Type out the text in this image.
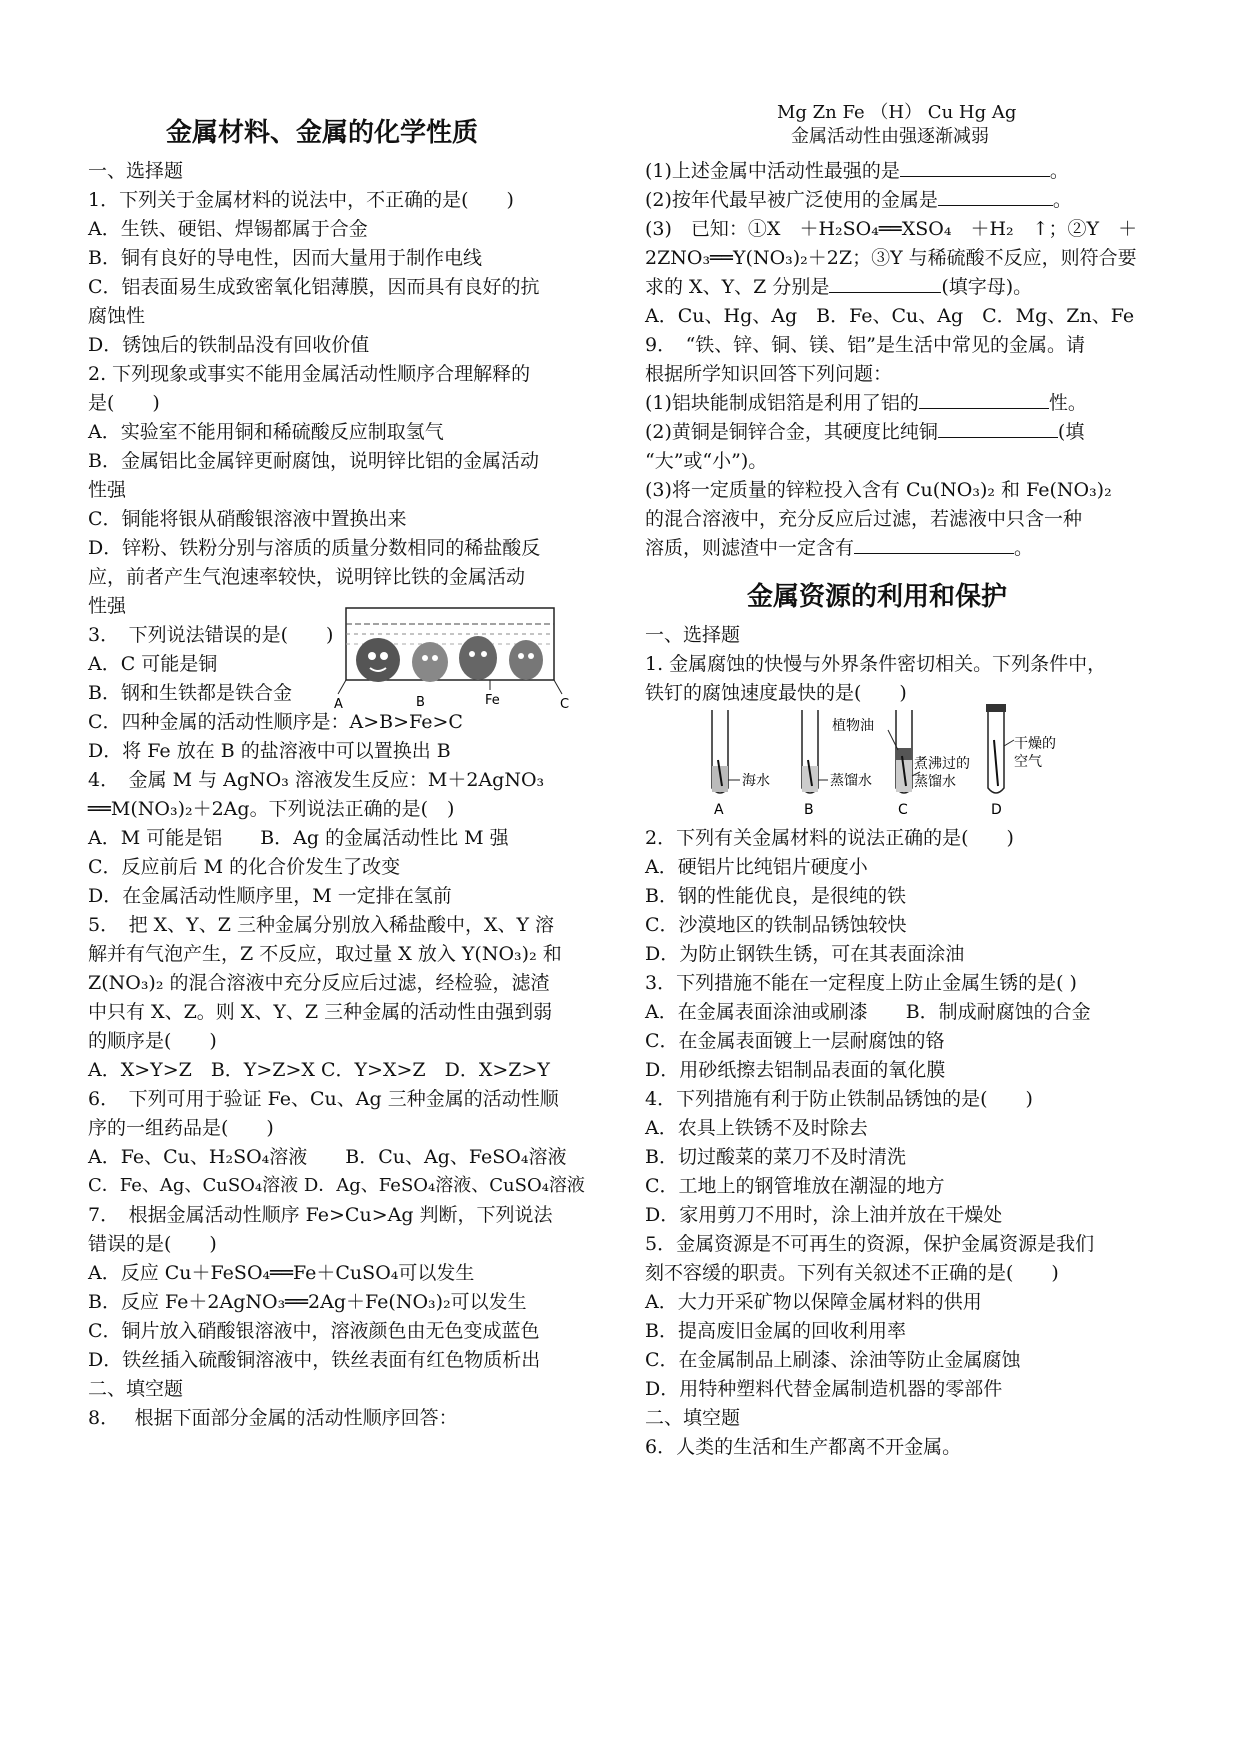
金属材料、金属的化学性质
一、选择题
1．下列关于金属材料的说法中，不正确的是(　　)
A．生铁、硬铝、焊锡都属于合金
B．铜有良好的导电性，因而大量用于制作电线
C．铝表面易生成致密氧化铝薄膜，因而具有良好的抗
腐蚀性
D．锈蚀后的铁制品没有回收价值
2. 下列现象或事实不能用金属活动性顺序合理解释的
是(　　)
A．实验室不能用铜和稀硫酸反应制取氢气
B．金属铝比金属锌更耐腐蚀，说明锌比铝的金属活动
性强
C．铜能将银从硝酸银溶液中置换出来
D．锌粉、铁粉分别与溶质的质量分数相同的稀盐酸反
应，前者产生气泡速率较快，说明锌比铁的金属活动
性强
3．　下列说法错误的是(　　)
A．C 可能是铜
B．钢和生铁都是铁合金
C．四种金属的活动性顺序是：A>B>Fe>C
D．将 Fe 放在 B 的盐溶液中可以置换出 B
A	B	Fe	C
4．　金属 M 与 AgNO₃ 溶液发生反应：M＋2AgNO₃
══M(NO₃)₂＋2Ag。下列说法正确的是(　)
A．M 可能是铝　　B．Ag 的金属活动性比 M 强
C．反应前后 M 的化合价发生了改变
D．在金属活动性顺序里，M 一定排在氢前
5．　把 X、Y、Z 三种金属分别放入稀盐酸中，X、Y 溶
解并有气泡产生，Z 不反应，取过量 X 放入 Y(NO₃)₂ 和
Z(NO₃)₂ 的混合溶液中充分反应后过滤，经检验，滤渣
中只有 X、Z。则 X、Y、Z 三种金属的活动性由强到弱
的顺序是(　　)
A．X>Y>Z　B．Y>Z>X C．Y>X>Z　D．X>Z>Y
6．　下列可用于验证 Fe、Cu、Ag 三种金属的活动性顺
序的一组药品是(　　)
A．Fe、Cu、H₂SO₄溶液　　B．Cu、Ag、FeSO₄溶液
C．Fe、Ag、CuSO₄溶液 D．Ag、FeSO₄溶液、CuSO₄溶液
7．　根据金属活动性顺序 Fe>Cu>Ag 判断，下列说法
错误的是(　　)
A．反应 Cu＋FeSO₄══Fe＋CuSO₄可以发生
B．反应 Fe＋2AgNO₃══2Ag＋Fe(NO₃)₂可以发生
C．铜片放入硝酸银溶液中，溶液颜色由无色变成蓝色
D．铁丝插入硫酸铜溶液中，铁丝表面有红色物质析出
二、填空题
8．　 根据下面部分金属的活动性顺序回答：
Mg Zn Fe （H） Cu Hg Ag
金属活动性由强逐渐减弱
(1)上述金属中活动性最强的是	。
(2)按年代最早被广泛使用的金属是	。
(3)　已知：①X　＋H₂SO₄══XSO₄　＋H₂　↑；②Y　＋
2ZNO₃══Y(NO₃)₂＋2Z；③Y 与稀硫酸不反应，则符合要
求的 X、Y、Z 分别是	(填字母)。
A．Cu、Hg、Ag　B．Fe、Cu、Ag　C．Mg、Zn、Fe
9．　“铁、锌、铜、镁、铝”是生活中常见的金属。请
根据所学知识回答下列问题：
(1)铝块能制成铝箔是利用了铝的	性。
(2)黄铜是铜锌合金，其硬度比纯铜	(填
“大”或“小”)。
(3)将一定质量的锌粒投入含有 Cu(NO₃)₂ 和 Fe(NO₃)₂
的混合溶液中，充分反应后过滤，若滤液中只含一种
溶质，则滤渣中一定含有	。
金属资源的利用和保护
一、选择题
1. 金属腐蚀的快慢与外界条件密切相关。下列条件中，
铁钉的腐蚀速度最快的是(　　)
海水
A
蒸馏水
B
植物油
煮沸过的
蒸馏水
C
干燥的
空气
D
2．下列有关金属材料的说法正确的是(　　)
A．硬铝片比纯铝片硬度小
B．钢的性能优良，是很纯的铁
C．沙漠地区的铁制品锈蚀较快
D．为防止钢铁生锈，可在其表面涂油
3．下列措施不能在一定程度上防止金属生锈的是( )
A．在金属表面涂油或刷漆　　B．制成耐腐蚀的合金
C．在金属表面镀上一层耐腐蚀的铬
D．用砂纸擦去铝制品表面的氧化膜
4．下列措施有利于防止铁制品锈蚀的是(　　)
A．农具上铁锈不及时除去
B．切过酸菜的菜刀不及时清洗
C．工地上的钢管堆放在潮湿的地方
D．家用剪刀不用时，涂上油并放在干燥处
5．金属资源是不可再生的资源，保护金属资源是我们
刻不容缓的职责。下列有关叙述不正确的是(　　)
A．大力开采矿物以保障金属材料的供用
B．提高废旧金属的回收利用率
C．在金属制品上刷漆、涂油等防止金属腐蚀
D．用特种塑料代替金属制造机器的零部件
二、填空题
6．人类的生活和生产都离不开金属。
